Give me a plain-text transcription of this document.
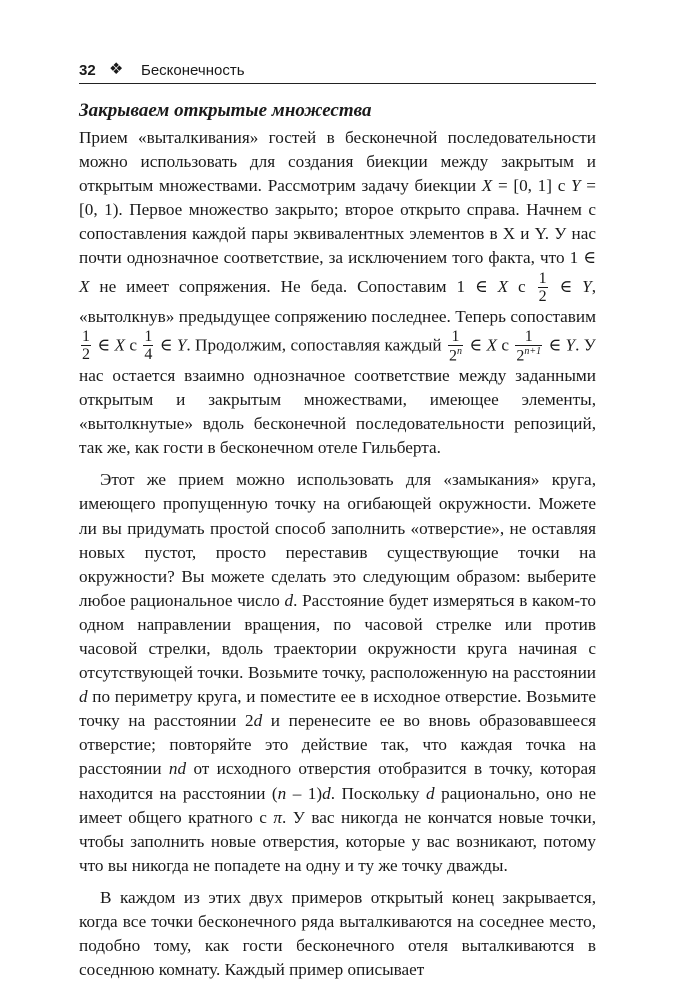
32 ❖ Бесконечность
Закрываем открытые множества

Прием «выталкивания» гостей в бесконечной последовательности можно использовать для создания биекции между закрытым и открытым множествами. Рассмотрим задачу биекции X = [0, 1] с Y = [0, 1). Первое множество закрыто; второе открыто справа. Начнем с сопоставления каждой пары эквивалентных элементов в X и Y. У нас почти однозначное соответствие, за исключением того факта, что 1 ∈ X не имеет сопряжения. Не беда. Сопоставим 1 ∈ X с $\frac{1}{2}$ ∈ Y, «вытолкнув» предыдущее сопряжению последнее. Теперь сопоставим
$\frac{1}{2}$ ∈ X с $\frac{1}{4}$ ∈ Y. Продолжим, сопоставляя каждый $\frac{1}{2^n}$ ∈ X с $\frac{1}{2^{n+1}}$ ∈ Y. У нас остается взаимно однозначное соответствие между заданными открытым и закрытым множествами, имеющее элементы, «вытолкнутые» вдоль бесконечной последовательности репозиций, так же, как гости в бесконечном отеле Гильберта.

Этот же прием можно использовать для «замыкания» круга, имеющего пропущенную точку на огибающей окружности. Можете ли вы придумать простой способ заполнить «отверстие», не оставляя новых пустот, просто переставив существующие точки на окружности? Вы можете сделать это следующим образом: выберите любое рациональное число d. Расстояние будет измеряться в каком-то одном направлении вращения, по часовой стрелке или против часовой стрелки, вдоль траектории окружности круга начиная с отсутствующей точки. Возьмите точку, расположенную на расстоянии d по периметру круга, и поместите ее в исходное отверстие. Возьмите точку на расстоянии 2d и перенесите ее во вновь образовавшееся отверстие; повторяйте это действие так, что каждая точка на расстоянии nd от исходного отверстия отобразится в точку, которая находится на расстоянии (n – 1)d. Поскольку d рационально, оно не имеет общего кратного с π. У вас никогда не кончатся новые точки, чтобы заполнить новые отверстия, которые у вас возникают, потому что вы никогда не попадете на одну и ту же точку дважды.

В каждом из этих двух примеров открытый конец закрывается, когда все точки бесконечного ряда выталкиваются на соседнее место, подобно тому, как гости бесконечного отеля выталкиваются в соседнюю комнату. Каждый пример описывает
